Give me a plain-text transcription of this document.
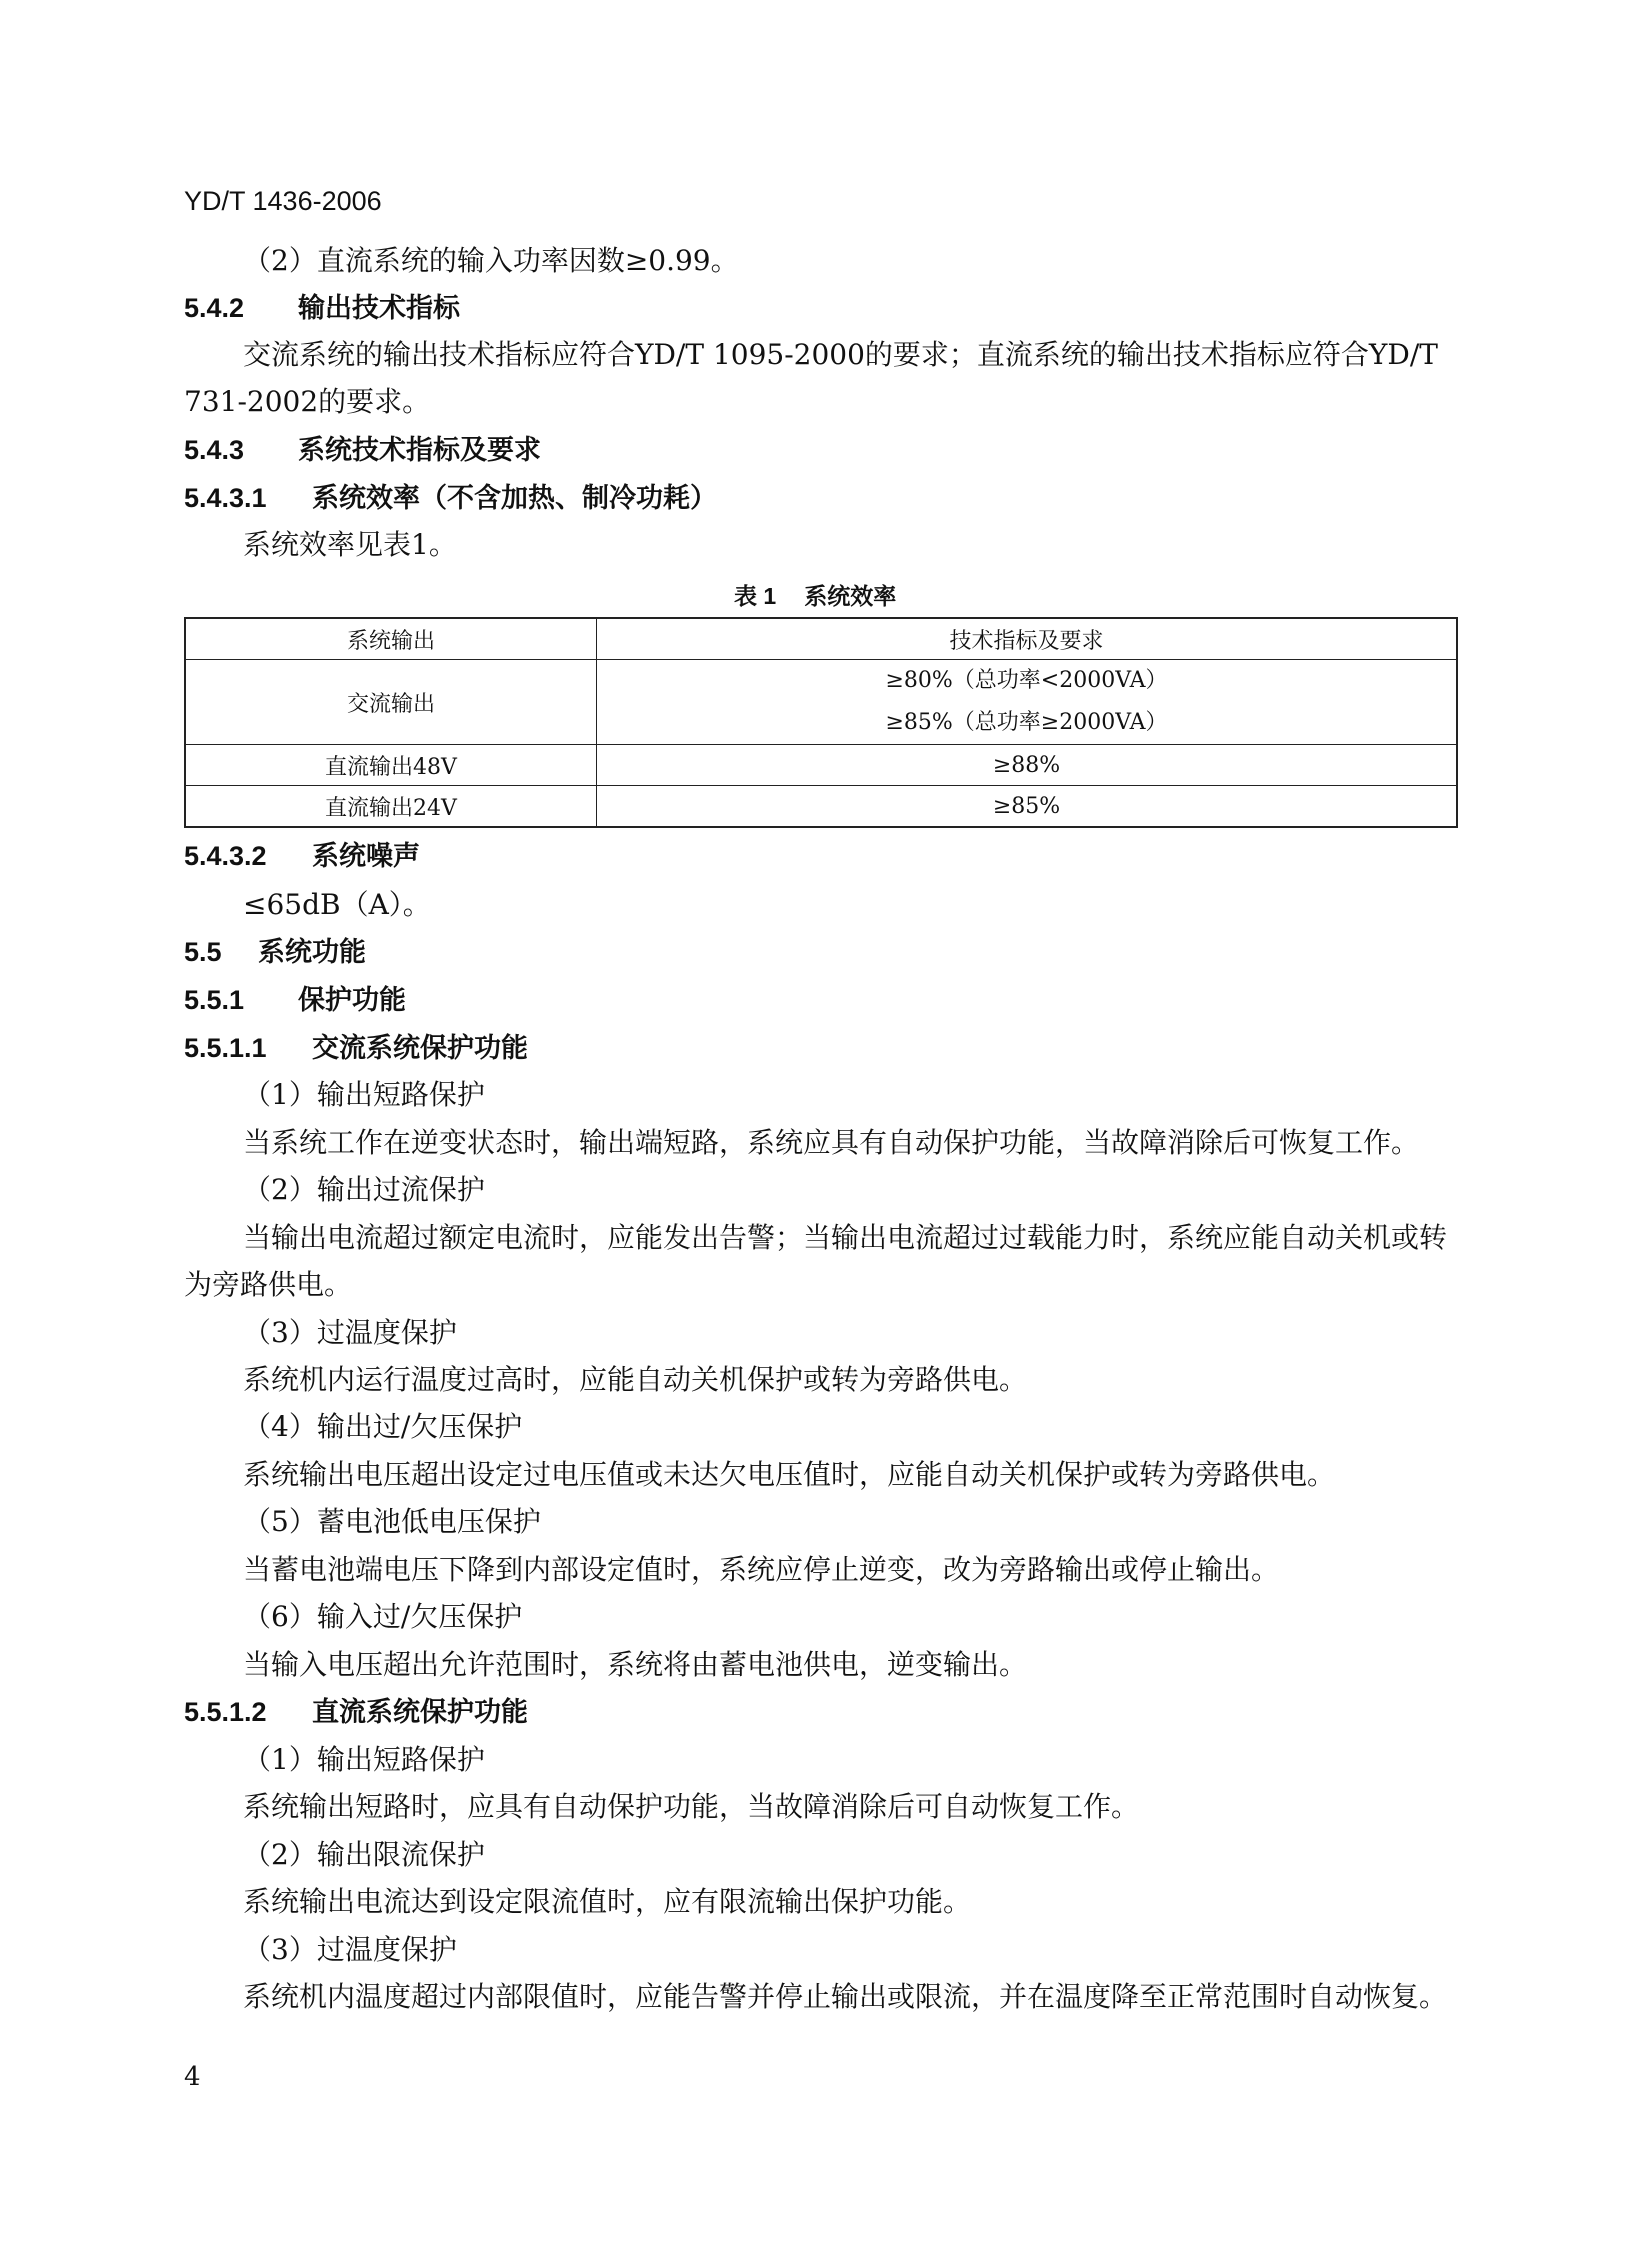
YD/T 1436-2006
（2）直流系统的输入功率因数≥0.99。
5.4.2 输出技术指标
交流系统的输出技术指标应符合YD/T 1095-2000的要求；直流系统的输出技术指标应符合YD/T
731-2002的要求。
5.4.3 系统技术指标及要求
5.4.3.1 系统效率（不含加热、制冷功耗）
系统效率见表1。
表 1 系统效率
系统输出	技术指标及要求
交流输出	≥80%（总功率<2000VA）
≥85%（总功率≥2000VA）

直流输出48V	≥88%
直流输出24V	≥85%
5.4.3.2 系统噪声
≤65dB（A）。
5.5 系统功能
5.5.1 保护功能
5.5.1.1 交流系统保护功能
（1）输出短路保护
当系统工作在逆变状态时，输出端短路，系统应具有自动保护功能，当故障消除后可恢复工作。
（2）输出过流保护
当输出电流超过额定电流时，应能发出告警；当输出电流超过过载能力时，系统应能自动关机或转
为旁路供电。
（3）过温度保护
系统机内运行温度过高时，应能自动关机保护或转为旁路供电。
（4）输出过/欠压保护
系统输出电压超出设定过电压值或未达欠电压值时，应能自动关机保护或转为旁路供电。
（5）蓄电池低电压保护
当蓄电池端电压下降到内部设定值时，系统应停止逆变，改为旁路输出或停止输出。
（6）输入过/欠压保护
当输入电压超出允许范围时，系统将由蓄电池供电，逆变输出。
5.5.1.2 直流系统保护功能
（1）输出短路保护
系统输出短路时，应具有自动保护功能，当故障消除后可自动恢复工作。
（2）输出限流保护
系统输出电流达到设定限流值时，应有限流输出保护功能。
（3）过温度保护
系统机内温度超过内部限值时，应能告警并停止输出或限流，并在温度降至正常范围时自动恢复。
4
